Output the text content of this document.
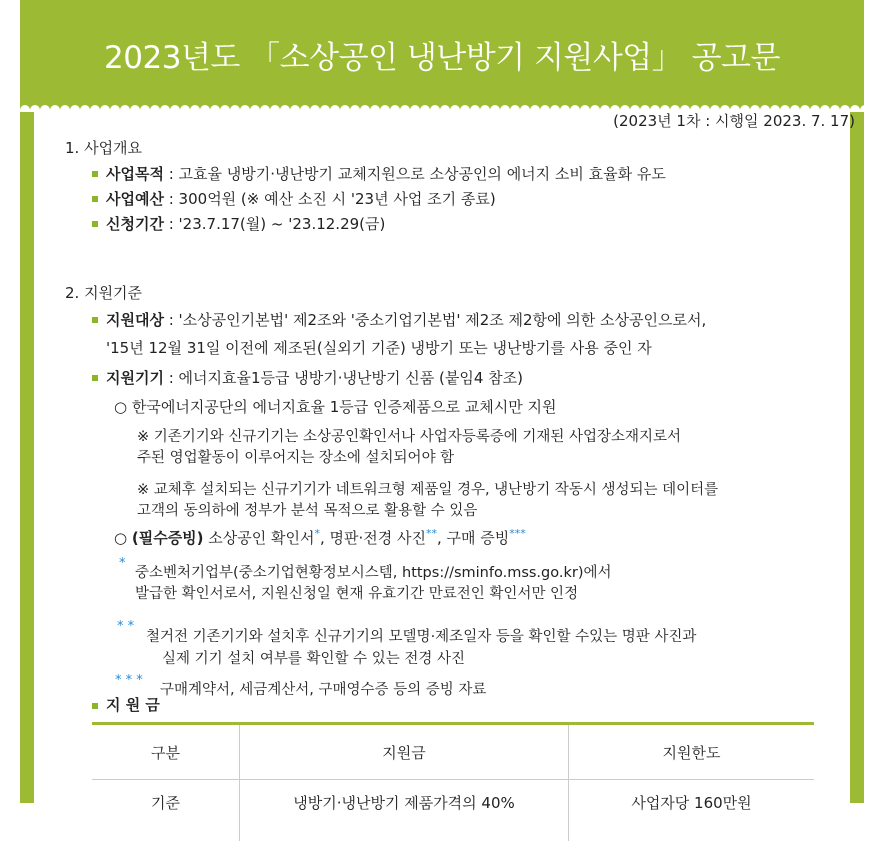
2023년도 「소상공인 냉난방기 지원사업」 공고문
(2023년 1차 : 시행일 2023. 7. 17)
1. 사업개요
사업목적 : 고효율 냉방기·냉난방기 교체지원으로 소상공인의 에너지 소비 효율화 유도
사업예산 : 300억원 (※ 예산 소진 시 '23년 사업 조기 종료)
신청기간 : '23.7.17(월) ~ '23.12.29(금)
2. 지원기준
지원대상 : '소상공인기본법' 제2조와 '중소기업기본법' 제2조 제2항에 의한 소상공인으로서,
'15년 12월 31일 이전에 제조된(실외기 기준) 냉방기 또는 냉난방기를 사용 중인 자
지원기기 : 에너지효율1등급 냉방기·냉난방기 신품 (붙임4 참조)
○ 한국에너지공단의 에너지효율 1등급 인증제품으로 교체시만 지원
※ 기존기기와 신규기기는 소상공인확인서나 사업자등록증에 기재된 사업장소재지로서
주된 영업활동이 이루어지는 장소에 설치되어야 함
※ 교체후 설치되는 신규기기가 네트워크형 제품일 경우, 냉난방기 작동시 생성되는 데이터를
고객의 동의하에 정부가 분석 목적으로 활용할 수 있음
○ (필수증빙) 소상공인 확인서*, 명판·전경 사진**, 구매 증빙***
*
중소벤처기업부(중소기업현황정보시스템, https://sminfo.mss.go.kr)에서
발급한 확인서로서, 지원신청일 현재 유효기간 만료전인 확인서만 인정
* *
철거전 기존기기와 설치후 신규기기의 모델명·제조일자 등을 확인할 수있는 명판 사진과
실제 기기 설치 여부를 확인할 수 있는 전경 사진
* * *
구매계약서, 세금계산서, 구매영수증 등의 증빙 자료
지 원 금
구분	지원금	지원한도
기준	냉방기·냉난방기 제품가격의 40%	사업자당 160만원
